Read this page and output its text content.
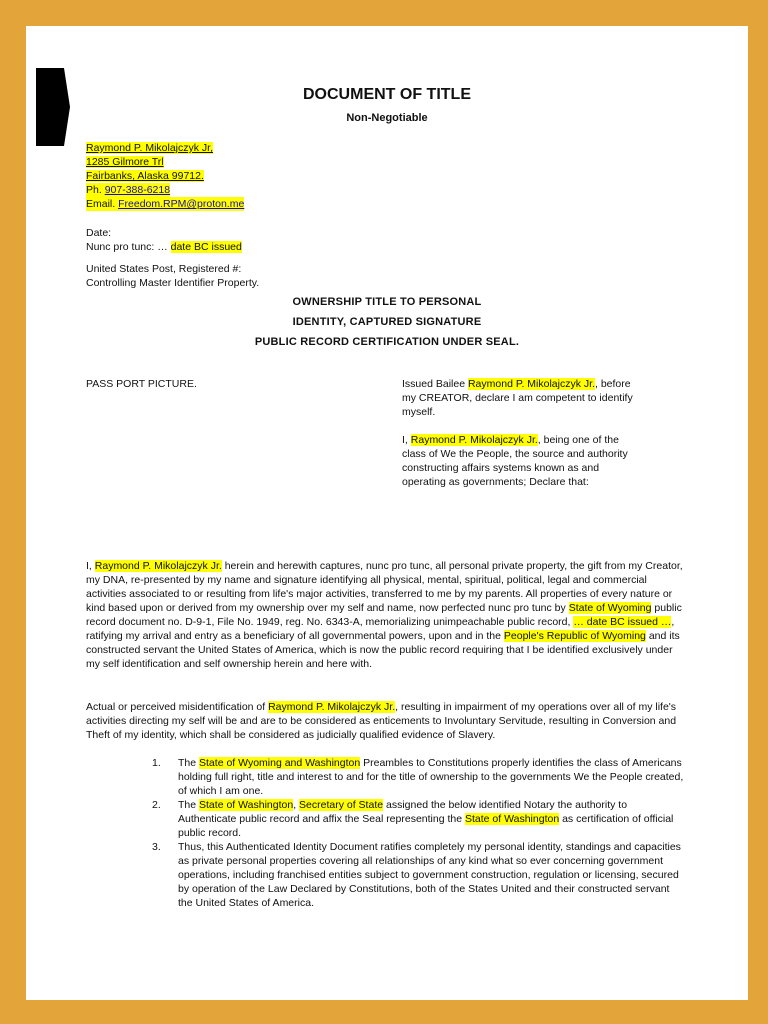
DOCUMENT OF TITLE
Non-Negotiable
Raymond P. Mikolajczyk Jr,
1285 Gilmore Trl
Fairbanks, Alaska 99712.
Ph. 907-388-6218
Email. Freedom.RPM@proton.me
Date:
Nunc pro tunc: … date BC issued
United States Post, Registered #:
Controlling Master Identifier Property.
OWNERSHIP TITLE TO PERSONAL
IDENTITY, CAPTURED SIGNATURE
PUBLIC RECORD CERTIFICATION UNDER SEAL.
PASS PORT PICTURE.	Issued Bailee Raymond P. Mikolajczyk Jr., before my CREATOR, declare I am competent to identify myself.
I, Raymond P. Mikolajczyk Jr., being one of the class of We the People, the source and authority constructing affairs systems known as and operating as governments; Declare that:
I, Raymond P. Mikolajczyk Jr. herein and herewith captures, nunc pro tunc, all personal private property, the gift from my Creator, my DNA, re-presented by my name and signature identifying all physical, mental, spiritual, political, legal and commercial activities associated to or resulting from life's major activities, transferred to me by my parents. All properties of every nature or kind based upon or derived from my ownership over my self and name, now perfected nunc pro tunc by State of Wyoming public record document no. D-9-1, File No. 1949, reg. No. 6343-A, memorializing unimpeachable public record, … date BC issued …, ratifying my arrival and entry as a beneficiary of all governmental powers, upon and in the People's Republic of Wyoming and its constructed servant the United States of America, which is now the public record requiring that I be identified exclusively under my self identification and self ownership herein and here with.
Actual or perceived misidentification of Raymond P. Mikolajczyk Jr., resulting in impairment of my operations over all of my life's activities directing my self will be and are to be considered as enticements to Involuntary Servitude, resulting in Conversion and Theft of my identity, which shall be considered as judicially qualified evidence of Slavery.
1. The State of Wyoming and Washington Preambles to Constitutions properly identifies the class of Americans holding full right, title and interest to and for the title of ownership to the governments We the People created, of which I am one.
2. The State of Washington, Secretary of State assigned the below identified Notary the authority to Authenticate public record and affix the Seal representing the State of Washington as certification of official public record.
3. Thus, this Authenticated Identity Document ratifies completely my personal identity, standings and capacities as private personal properties covering all relationships of any kind what so ever concerning government operations, including franchised entities subject to government construction, regulation or licensing, secured by operation of the Law Declared by Constitutions, both of the States United and their constructed servant the United States of America.
